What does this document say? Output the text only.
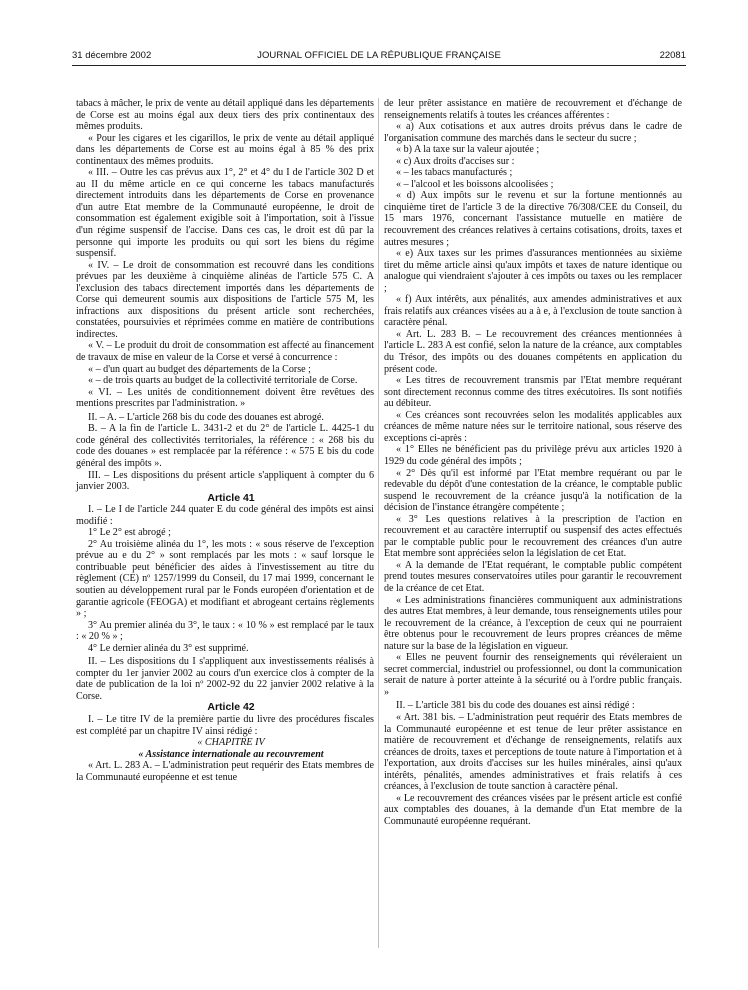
31 décembre 2002	JOURNAL OFFICIEL DE LA RÉPUBLIQUE FRANÇAISE	22081

tabacs à mâcher, le prix de vente au détail appliqué dans les départements de Corse est au moins égal aux deux tiers des prix continentaux des mêmes produits.

« Pour les cigares et les cigarillos, le prix de vente au détail appliqué dans les départements de Corse est au moins égal à 85 % des prix continentaux des mêmes produits.

« III. – Outre les cas prévus aux 1°, 2° et 4° du I de l'article 302 D et au II du même article en ce qui concerne les tabacs manufacturés directement introduits dans les départements de Corse en provenance d'un autre Etat membre de la Communauté européenne, le droit de consommation est également exigible soit à l'importation, soit à l'issue d'un régime suspensif de l'accise. Dans ces cas, le droit est dû par la personne qui importe les produits ou qui sort les biens du régime suspensif.

« IV. – Le droit de consommation est recouvré dans les conditions prévues par les deuxième à cinquième alinéas de l'article 575 C. A l'exclusion des tabacs directement importés dans les départements de Corse qui demeurent soumis aux dispositions de l'article 575 M, les infractions aux dispositions du présent article sont recherchées, constatées, poursuivies et réprimées comme en matière de contributions indirectes.

« V. – Le produit du droit de consommation est affecté au financement de travaux de mise en valeur de la Corse et versé à concurrence :

« – d'un quart au budget des départements de la Corse ;

« – de trois quarts au budget de la collectivité territoriale de Corse.

« VI. – Les unités de conditionnement doivent être revêtues des mentions prescrites par l'administration. »

II. – A. – L'article 268 bis du code des douanes est abrogé.

B. – A la fin de l'article L. 3431-2 et du 2° de l'article L. 4425-1 du code général des collectivités territoriales, la référence : « 268 bis du code des douanes » est remplacée par la référence : « 575 E bis du code général des impôts ».

III. – Les dispositions du présent article s'appliquent à compter du 6 janvier 2003.

Article 41

I. – Le I de l'article 244 quater E du code général des impôts est ainsi modifié :

1° Le 2° est abrogé ;

2° Au troisième alinéa du 1°, les mots : « sous réserve de l'exception prévue au e du 2° » sont remplacés par les mots : « sauf lorsque le contribuable peut bénéficier des aides à l'investissement au titre du règlement (CE) nº 1257/1999 du Conseil, du 17 mai 1999, concernant le soutien au développement rural par le Fonds européen d'orientation et de garantie agricole (FEOGA) et modifiant et abrogeant certains règlements » ;

3° Au premier alinéa du 3°, le taux : « 10 % » est remplacé par le taux : « 20 % » ;

4° Le dernier alinéa du 3° est supprimé.

II. – Les dispositions du I s'appliquent aux investissements réalisés à compter du 1er janvier 2002 au cours d'un exercice clos à compter de la date de publication de la loi nº 2002-92 du 22 janvier 2002 relative à la Corse.

Article 42

I. – Le titre IV de la première partie du livre des procédures fiscales est complété par un chapitre IV ainsi rédigé :

« CHAPITRE IV

« Assistance internationale au recouvrement

« Art. L. 283 A. – L'administration peut requérir des Etats membres de la Communauté européenne et est tenue

de leur prêter assistance en matière de recouvrement et d'échange de renseignements relatifs à toutes les créances afférentes :

« a) Aux cotisations et aux autres droits prévus dans le cadre de l'organisation commune des marchés dans le secteur du sucre ;

« b) A la taxe sur la valeur ajoutée ;

« c) Aux droits d'accises sur :

« – les tabacs manufacturés ;

« – l'alcool et les boissons alcoolisées ;

« d) Aux impôts sur le revenu et sur la fortune mentionnés au cinquième tiret de l'article 3 de la directive 76/308/CEE du Conseil, du 15 mars 1976, concernant l'assistance mutuelle en matière de recouvrement des créances relatives à certains cotisations, droits, taxes et autres mesures ;

« e) Aux taxes sur les primes d'assurances mentionnées au sixième tiret du même article ainsi qu'aux impôts et taxes de nature identique ou analogue qui viendraient s'ajouter à ces impôts ou taxes ou les remplacer ;

« f) Aux intérêts, aux pénalités, aux amendes administratives et aux frais relatifs aux créances visées au a à e, à l'exclusion de toute sanction à caractère pénal.

« Art. L. 283 B. – Le recouvrement des créances mentionnées à l'article L. 283 A est confié, selon la nature de la créance, aux comptables du Trésor, des impôts ou des douanes compétents en application du présent code.

« Les titres de recouvrement transmis par l'Etat membre requérant sont directement reconnus comme des titres exécutoires. Ils sont notifiés au débiteur.

« Ces créances sont recouvrées selon les modalités applicables aux créances de même nature nées sur le territoire national, sous réserve des exceptions ci-après :

« 1° Elles ne bénéficient pas du privilège prévu aux articles 1920 à 1929 du code général des impôts ;

« 2° Dès qu'il est informé par l'Etat membre requérant ou par le redevable du dépôt d'une contestation de la créance, le comptable public suspend le recouvrement de la créance jusqu'à la notification de la décision de l'instance étrangère compétente ;

« 3° Les questions relatives à la prescription de l'action en recouvrement et au caractère interruptif ou suspensif des actes effectués par le comptable public pour le recouvrement des créances d'un autre Etat membre sont appréciées selon la législation de cet Etat.

« A la demande de l'Etat requérant, le comptable public compétent prend toutes mesures conservatoires utiles pour garantir le recouvrement de la créance de cet Etat.

« Les administrations financières communiquent aux administrations des autres Etat membres, à leur demande, tous renseignements utiles pour le recouvrement de la créance, à l'exception de ceux qui ne pourraient être obtenus pour le recouvrement de leurs propres créances de même nature sur la base de la législation en vigueur.

« Elles ne peuvent fournir des renseignements qui révéleraient un secret commercial, industriel ou professionnel, ou dont la communication serait de nature à porter atteinte à la sécurité ou à l'ordre public français. »

II. – L'article 381 bis du code des douanes est ainsi rédigé :

« Art. 381 bis. – L'administration peut requérir des Etats membres de la Communauté européenne et est tenue de leur prêter assistance en matière de recouvrement et d'échange de renseignements, relatifs aux créances de droits, taxes et perceptions de toute nature à l'importation et à l'exportation, aux droits d'accises sur les huiles minérales, ainsi qu'aux intérêts, pénalités, amendes administratives et frais relatifs à ces créances, à l'exclusion de toute sanction à caractère pénal.

« Le recouvrement des créances visées par le présent article est confié aux comptables des douanes, à la demande d'un Etat membre de la Communauté européenne requérant.
